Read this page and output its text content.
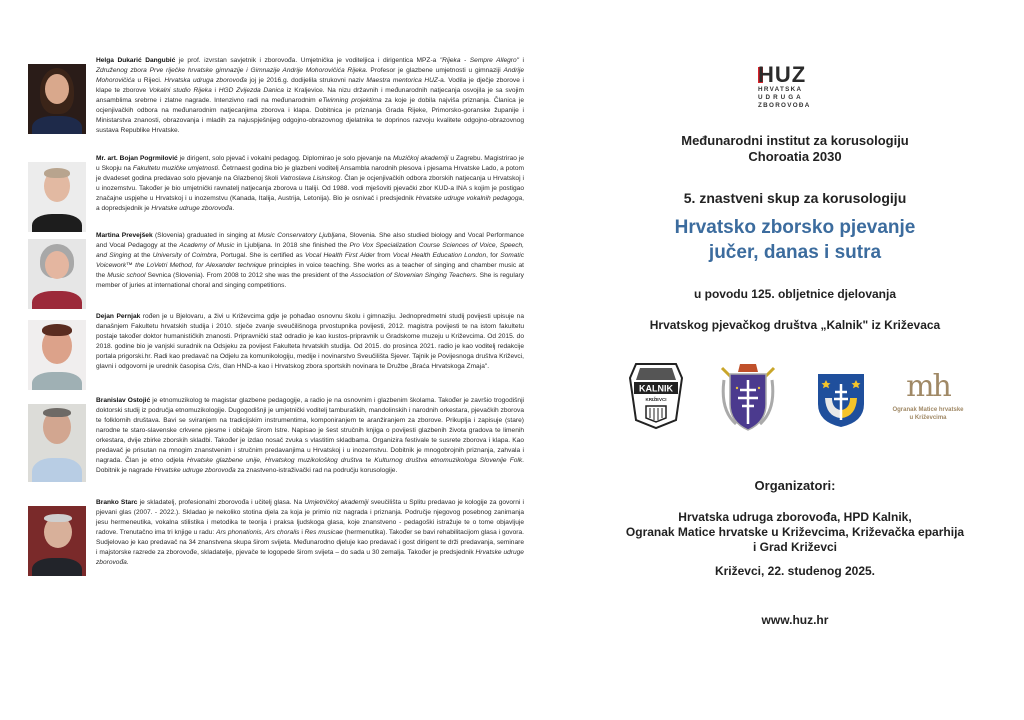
Helga Dukarić Dangubić je prof. izvrstan savjetnik i zborovođa. Umjetnička je voditeljica i dirigentica MPZ-a "Rijeka - Sempre Allegro" i Združenog zbora Prve riječke hrvatske gimnazije i Gimnazije Andrije Mohorovičića Rijeka. Profesor je glazbene umjetnosti u gimnaziji Andrije Mohorovičića u Rijeci. Hrvatska udruga zborovođa joj je 2016.g. dodijelila strukovni naziv Maestra mentorica HUZ-a. Vodila je dječje zborove i klape te zborove Vokalni studio Rijeka i HGD Zvijezda Danica iz Kraljevice. Na nizu državnih i međunarodnih natjecanja osvojila je sa svojim ansamblima srebrne i zlatne nagrade. Intenzivno radi na međunarodnim eTwinning projektima za koje je dobila najviša priznanja. Članica je ocjenjivačkih odbora na međunarodnim natjecanjima zborova i klapa. Dobitnica je priznanja Grada Rijeke, Primorsko-goranske županije i Ministarstva znanosti, obrazovanja i mladih za najuspješnijeg odgojno-obrazovnog djelatnika te doprinos razvoju kvalitete odgojno-obrazovnog sustava Republike Hrvatske.
Mr. art. Bojan Pogrmilović je dirigent, solo pjevač i vokalni pedagog. Diplomirao je solo pjevanje na Muzičkoj akademiji u Zagrebu. Magistrirao je u Skopju na Fakultetu muzičke umjetnosti. Četrnaest godina bio je glazbeni voditelj Ansambla narodnih plesova i pjesama Hrvatske Lado, a potom je dvadeset godina predavao solo pjevanje na Glazbenoj školi Vatroslava Lisinskog. Član je ocjenjivačkih odbora zborskih natjecanja u Hrvatskoj i u inozemstvu. Također je bio umjetnički ravnatelj natjecanja zborova u Italiji. Od 1988. vodi mješoviti pjevački zbor KUD-a INA s kojim je postigao značajne uspjehe u Hrvatskoj i u inozemstvu (Kanada, Italija, Austrija, Letonija). Bio je osnivač i predsjednik Hrvatske udruge vokalnih pedagoga, a dopredsjednik je Hrvatske udruge zborovođa.
Martina Prevejšek (Slovenia) graduated in singing at Music Conservatory Ljubljana, Slovenia. She also studied biology and Vocal Performance and Vocal Pedagogy at the Academy of Music in Ljubljana. In 2018 she finished the Pro Vox Specialization Course Sciences of Voice, Speech, and Singing at the University of Coimbra, Portugal. She is certified as Vocal Health First Aider from Vocal Health Education London, for Somatic Voicework™ the LoVetri Method, for Alexander technique principles in voice teaching. She works as a teacher of singing and chamber music at the Music school Sevnica (Slovenia). From 2008 to 2012 she was the president of the Association of Slovenian Singing Teachers. She is regulary member of juries at international choral and singing competitions.
Dejan Pernjak rođen je u Bjelovaru, a živi u Križevcima gdje je pohađao osnovnu školu i gimnaziju. Jednopredmetni studij povijesti upisuje na današnjem Fakultetu hrvatskih studija i 2010. stječe zvanje sveučilišnoga prvostupnika povijesti, 2012. magistra povijesti te na istom fakultetu postaje također doktor humanističkih znanosti. Pripravnički staž odradio je kao kustos-pripravnik u Gradskome muzeju u Križevcima. Od 2015. do 2018. godine bio je vanjski suradnik na Odsjeku za povijest Fakulteta hrvatskih studija. Od 2015. do prosinca 2021. radio je kao voditelj redakcije portala prigorski.hr. Radi kao predavač na Odjelu za komunikologiju, medije i novinarstvo Sveučilišta Sjever. Tajnik je Povijesnoga društva Križevci, glavni i odgovorni je urednik časopisa Cris, član HND-a kao i Hrvatskog zbora sportskih novinara te Družbe „Braća Hrvatskoga Zmaja".
Branislav Ostojić je etnomuzikolog te magistar glazbene pedagogije, a radio je na osnovnim i glazbenim školama. Također je završio trogodišnji doktorski studij iz područja etnomuzikologije. Dugogodišnji je umjetnički voditelj tamburaških, mandolinskih i narodnih orkestara, pjevačkih zborova te folklornih društava. Bavi se sviranjem na tradicijskim instrumentima, komponiranjem te aranžiranjem za zborove. Prikuplja i zapisuje (stare) narodne te staro-slavenske crkvene pjesme i običaje širom Istre. Napisao je šest stručnih knjiga o povijesti glazbenih života gradova te limenih orkestara, dvije zbirke zborskih skladbi. Također je izdao nosač zvuka s vlastitim skladbama. Organizira festivale te susrete zborova i klapa. Kao predavač je prisutan na mnogim znanstvenim i stručnim predavanjima u Hrvatskoj i u inozemstvu. Dobitnik je mnogobrojnih priznanja, zahvala i nagrada. Član je etno odjela Hrvatske glazbene unije, Hrvatskog muzikološkog društva te Kulturnog društva etnomuzikologa Slovenije Folk. Dobitnik je nagrade Hrvatske udruge zborovođa za znastveno-istraživački rad na području korusologije.
Branko Starc je skladatelj, profesionalni zborovođa i učitelj glasa. Na Umjetničkoj akademiji sveučilišta u Splitu predavao je kologije za govorni i pjevani glas (2007. - 2022.). Skladao je nekoliko stotina djela za koja je primio niz nagrada i priznanja. Područje njegovog posebnog zanimanja jesu hermeneutika, vokalna stilistika i metodika te teorija i praksa ljudskoga glasa, koje znanstveno - pedagoški istražuje te o tome objavljuje radove. Trenutačno ima tri knjige u radu: Ars phonationis, Ars choralis i Res musicae (hermenutika). Također se bavi rehabilitacijom glasa i govora. Sudjelovao je kao predavač na 34 znanstvena skupa širom svijeta. Međunarodno djeluje kao predavač i gost dirigent te drži predavanja, seminare i majstorske razrede za zborovođe, skladatelje, pjevače te logopede širom svijeta – do sada u 30 zemalja. Također je predsjednik Hrvatske udruge zborovođa.
HUZ
HRVATSKA
UDRUGA
ZBOROVOĐA
Međunarodni institut za korusologiju
Choroatia 2030
5. znastveni skup za korusologiju
Hrvatsko zborsko pjevanje
jučer, danas i sutra
u povodu 125. obljetnice djelovanja
Hrvatskog pjevačkog društva „Kalnik" iz Križevaca
Organizatori:
Hrvatska udruga zborovođa, HPD Kalnik,
Ogranak Matice hrvatske u Križevcima, Križevačka eparhija
i Grad Križevci
Križevci, 22. studenog 2025.
www.huz.hr
KALNIK
KRIŽEVCI	mh
Ogranak Matice hrvatske
u Križevcima
